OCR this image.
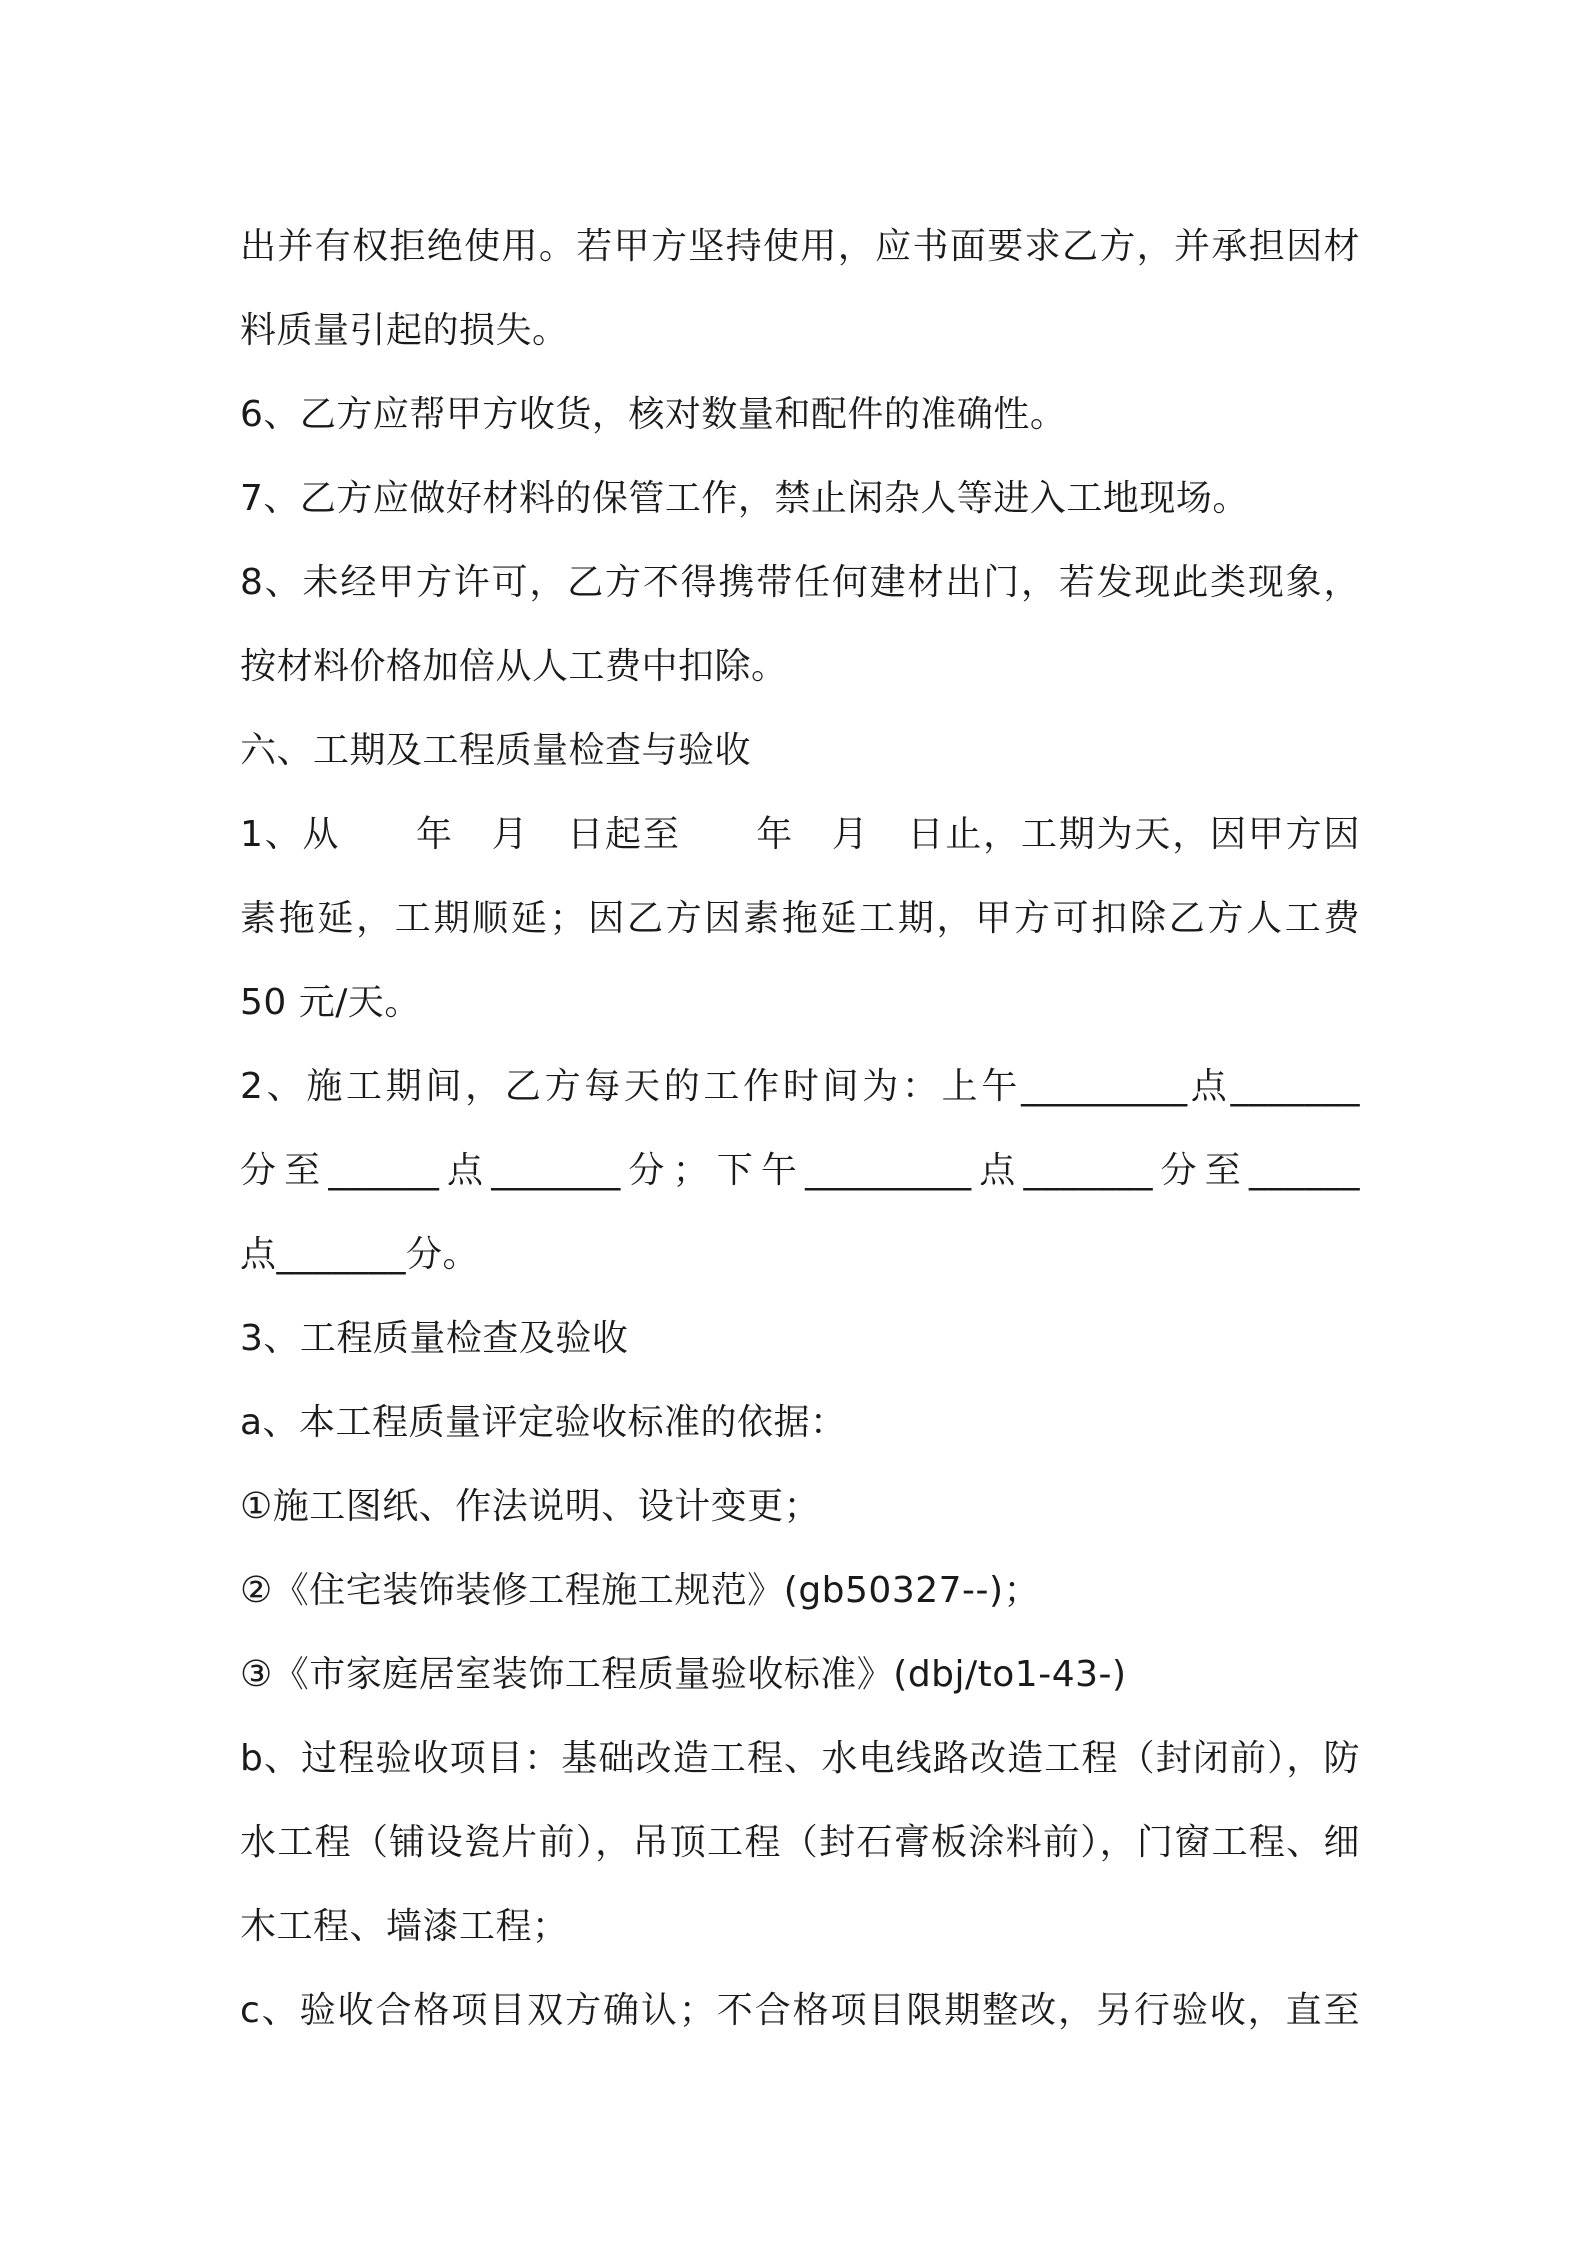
出并有权拒绝使用。若甲方坚持使用，应书面要求乙方，并承担因材
料质量引起的损失。
6、乙方应帮甲方收货，核对数量和配件的准确性。
7、乙方应做好材料的保管工作，禁止闲杂人等进入工地现场。
8、未经甲方许可，乙方不得携带任何建材出门，若发现此类现象，
按材料价格加倍从人工费中扣除。
六、工期及工程质量检查与验收
1、从　　年　月　日起至　　年　月　日止，工期为天，因甲方因
素拖延，工期顺延；因乙方因素拖延工期，甲方可扣除乙方人工费
50 元/天。
2、施工期间，乙方每天的工作时间为：上午_________点_______
分至______点_______分；下午_________点_______分至______
点_______分。
3、工程质量检查及验收
a、本工程质量评定验收标准的依据：
①施工图纸、作法说明、设计变更；
②《住宅装饰装修工程施工规范》(gb50327--)；
③《市家庭居室装饰工程质量验收标准》(dbj/to1-43-)
b、过程验收项目：基础改造工程、水电线路改造工程（封闭前），防
水工程（铺设瓷片前），吊顶工程（封石膏板涂料前），门窗工程、细
木工程、墙漆工程；
c、验收合格项目双方确认；不合格项目限期整改，另行验收，直至
